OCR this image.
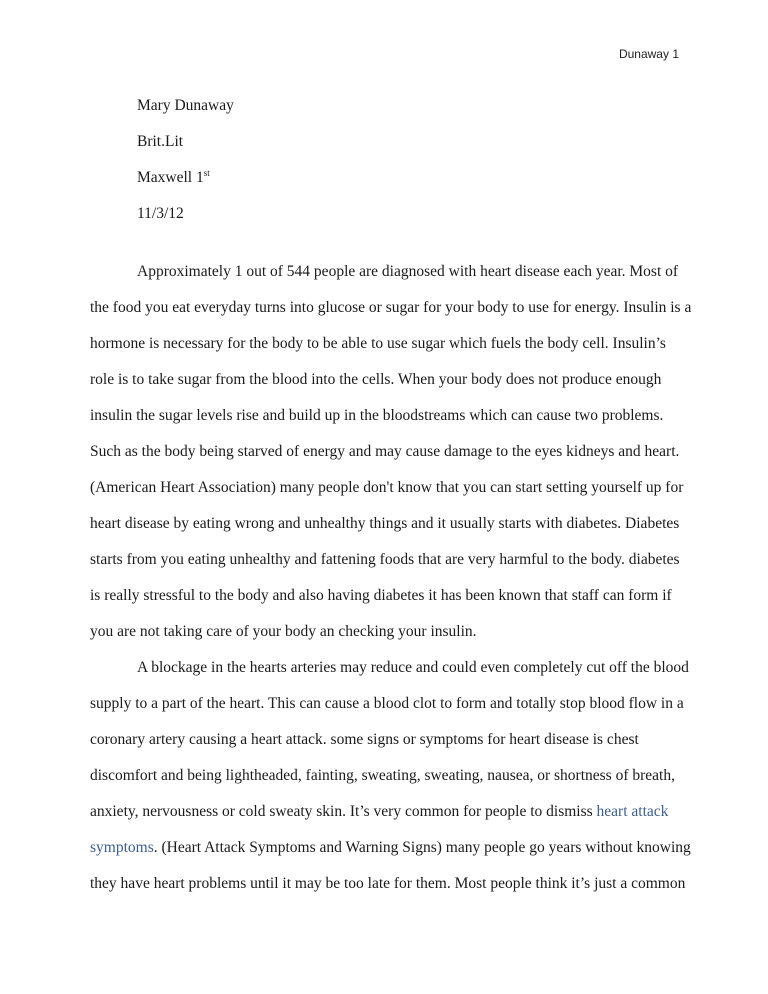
Dunaway 1
Mary Dunaway
Brit.Lit
Maxwell 1st
11/3/12
Approximately 1 out of 544 people are diagnosed with heart disease each year. Most of
the food you eat everyday turns into glucose or sugar for your body to use for energy. Insulin is a
hormone is necessary for the body to be able to use sugar which fuels the body cell. Insulin’s
role is to take sugar from the blood into the cells. When your body does not produce enough
insulin the sugar levels rise and build up in the bloodstreams which can cause two problems.
Such as the body being starved of energy and may cause damage to the eyes kidneys and heart.
(American Heart Association) many people don't know that you can start setting yourself up for
heart disease by eating wrong and unhealthy things and it usually starts with diabetes. Diabetes
starts from you eating unhealthy and fattening foods that are very harmful to the body. diabetes
is really stressful to the body and also having diabetes it has been known that staff can form if
you are not taking care of your body an checking your insulin.
A blockage in the hearts arteries may reduce and could even completely cut off the blood
supply to a part of the heart. This can cause a blood clot to form and totally stop blood flow in a
coronary artery causing a heart attack. some signs or symptoms for heart disease is chest
discomfort and being lightheaded, fainting, sweating, sweating, nausea, or shortness of breath,
anxiety, nervousness or cold sweaty skin. It’s very common for people to dismiss heart attack
symptoms. (Heart Attack Symptoms and Warning Signs) many people go years without knowing
they have heart problems until it may be too late for them. Most people think it’s just a common
